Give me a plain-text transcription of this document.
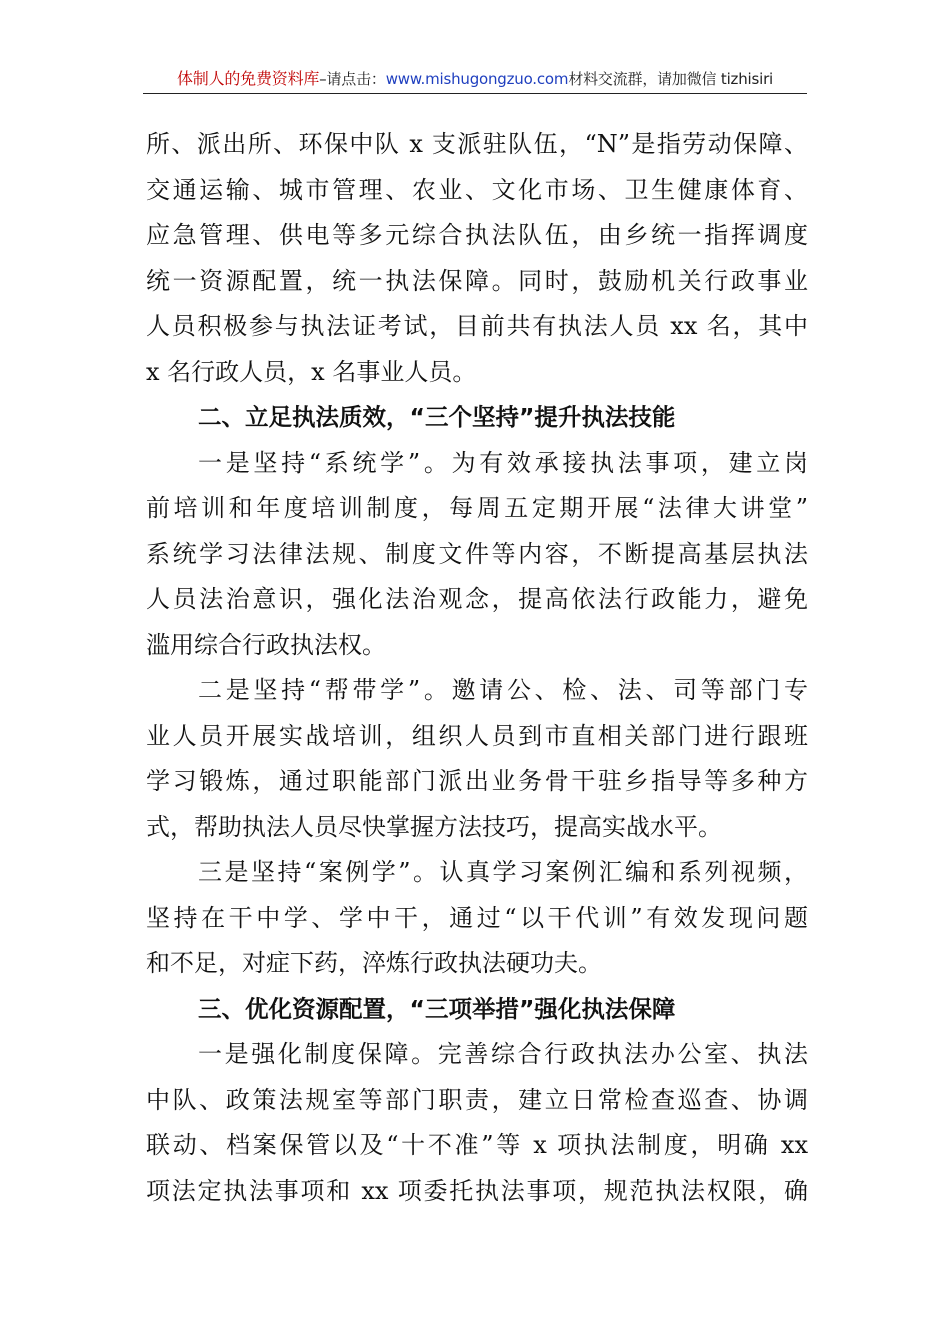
体制人的免费资料库–请点击：www.mishugongzuo.com材料交流群，请加微信 tizhisiri
所、派出所、环保中队 x 支派驻队伍，“N”是指劳动保障、
交通运输、城市管理、农业、文化市场、卫生健康体育、
应急管理、供电等多元综合执法队伍，由乡统一指挥调度
统一资源配置，统一执法保障。同时，鼓励机关行政事业
人员积极参与执法证考试，目前共有执法人员 xx 名，其中
x 名行政人员，x 名事业人员。
二、立足执法质效，“三个坚持”提升执法技能
一是坚持“系统学”。为有效承接执法事项，建立岗
前培训和年度培训制度，每周五定期开展“法律大讲堂”
系统学习法律法规、制度文件等内容，不断提高基层执法
人员法治意识，强化法治观念，提高依法行政能力，避免
滥用综合行政执法权。
二是坚持“帮带学”。邀请公、检、法、司等部门专
业人员开展实战培训，组织人员到市直相关部门进行跟班
学习锻炼，通过职能部门派出业务骨干驻乡指导等多种方
式，帮助执法人员尽快掌握方法技巧，提高实战水平。
三是坚持“案例学”。认真学习案例汇编和系列视频，
坚持在干中学、学中干，通过“以干代训”有效发现问题
和不足，对症下药，淬炼行政执法硬功夫。
三、优化资源配置，“三项举措”强化执法保障
一是强化制度保障。完善综合行政执法办公室、执法
中队、政策法规室等部门职责，建立日常检查巡查、协调
联动、档案保管以及“十不准”等 x 项执法制度，明确 xx
项法定执法事项和 xx 项委托执法事项，规范执法权限，确
